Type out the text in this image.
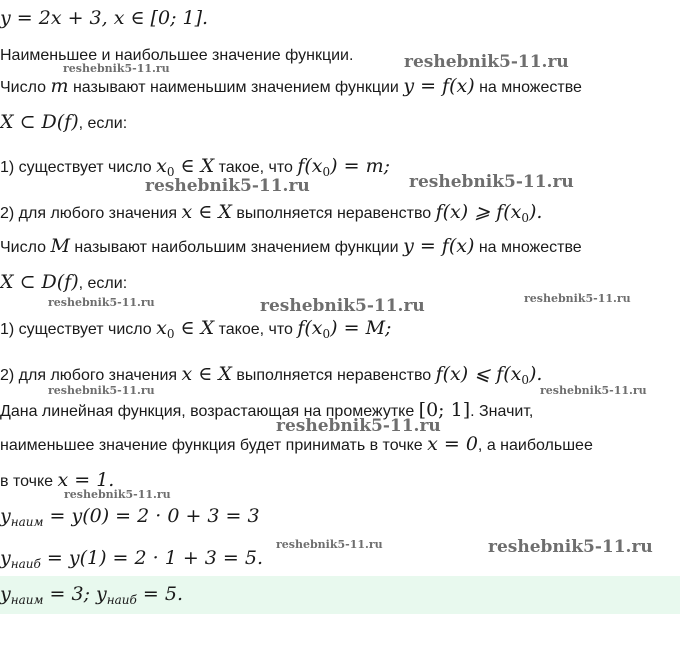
y = 2x + 3, x ∈ [0; 1].
Наименьшее и наибольшее значение функции.
Число m называют наименьшим значением функции y = f(x) на множестве
X ⊂ D(f), если:
1) существует число $x_0$ ∈ X такое, что $f(x_0) = m$;
2) для любого значения x ∈ X выполняется неравенство f(x) ⩾ $f(x_0)$.
Число M называют наибольшим значением функции y = f(x) на множестве
X ⊂ D(f), если:
1) существует число $x_0$ ∈ X такое, что $f(x_0) = M$;
2) для любого значения x ∈ X выполняется неравенство f(x) ⩽ $f(x_0)$.
Дана линейная функция, возрастающая на промежутке [0; 1]. Значит,
наименьшее значение функция будет принимать в точке x = 0, а наибольшее
в точке x = 1.
$y_{наим} = y(0) = 2 \cdot 0 + 3 = 3$
$y_{наиб} = y(1) = 2 \cdot 1 + 3 = 5$.
$y_{наим} = 3$; $y_{наиб} = 5$.
reshebnik5-11.ru
reshebnik5-11.ru
reshebnik5-11.ru	reshebnik5-11.ru
reshebnik5-11.ru	reshebnik5-11.ru	reshebnik5-11.ru
reshebnik5-11.ru	reshebnik5-11.ru
reshebnik5-11.ru
reshebnik5-11.ru
reshebnik5-11.ru	reshebnik5-11.ru
